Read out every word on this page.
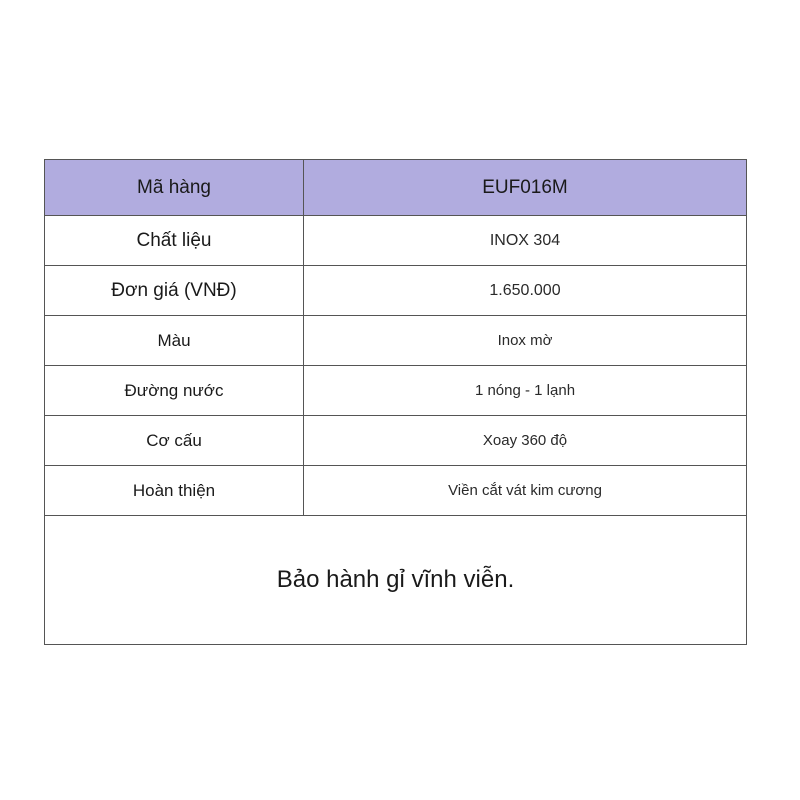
Mã hàng	EUF016M
Chất liệu	INOX 304
Đơn giá (VNĐ)	1.650.000
Màu	Inox mờ
Đường nước	1 nóng - 1 lạnh
Cơ cấu	Xoay 360 độ
Hoàn thiện	Viền cắt vát kim cương
Bảo hành gỉ vĩnh viễn.	
